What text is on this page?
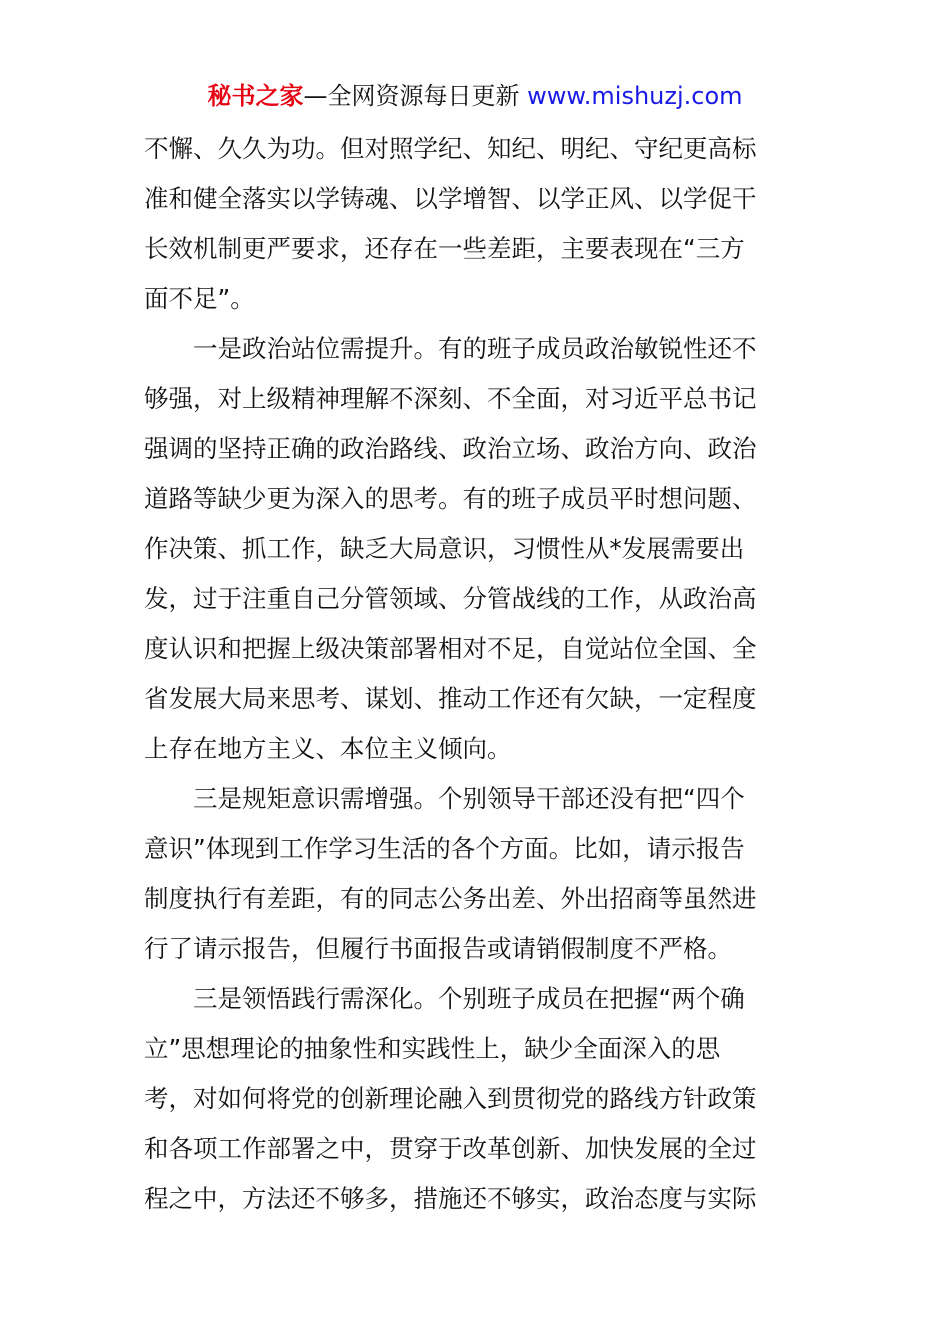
秘书之家—全网资源每日更新 www.mishuzj.com
不懈、久久为功。但对照学纪、知纪、明纪、守纪更高标
准和健全落实以学铸魂、以学增智、以学正风、以学促干
长效机制更严要求，还存在一些差距，主要表现在“三方
面不足”。
一是政治站位需提升。有的班子成员政治敏锐性还不
够强，对上级精神理解不深刻、不全面，对习近平总书记
强调的坚持正确的政治路线、政治立场、政治方向、政治
道路等缺少更为深入的思考。有的班子成员平时想问题、
作决策、抓工作，缺乏大局意识，习惯性从*发展需要出
发，过于注重自己分管领域、分管战线的工作，从政治高
度认识和把握上级决策部署相对不足，自觉站位全国、全
省发展大局来思考、谋划、推动工作还有欠缺，一定程度
上存在地方主义、本位主义倾向。
三是规矩意识需增强。个别领导干部还没有把“四个
意识”体现到工作学习生活的各个方面。比如，请示报告
制度执行有差距，有的同志公务出差、外出招商等虽然进
行了请示报告，但履行书面报告或请销假制度不严格。
三是领悟践行需深化。个别班子成员在把握“两个确
立”思想理论的抽象性和实践性上，缺少全面深入的思
考，对如何将党的创新理论融入到贯彻党的路线方针政策
和各项工作部署之中，贯穿于改革创新、加快发展的全过
程之中，方法还不够多，措施还不够实，政治态度与实际
